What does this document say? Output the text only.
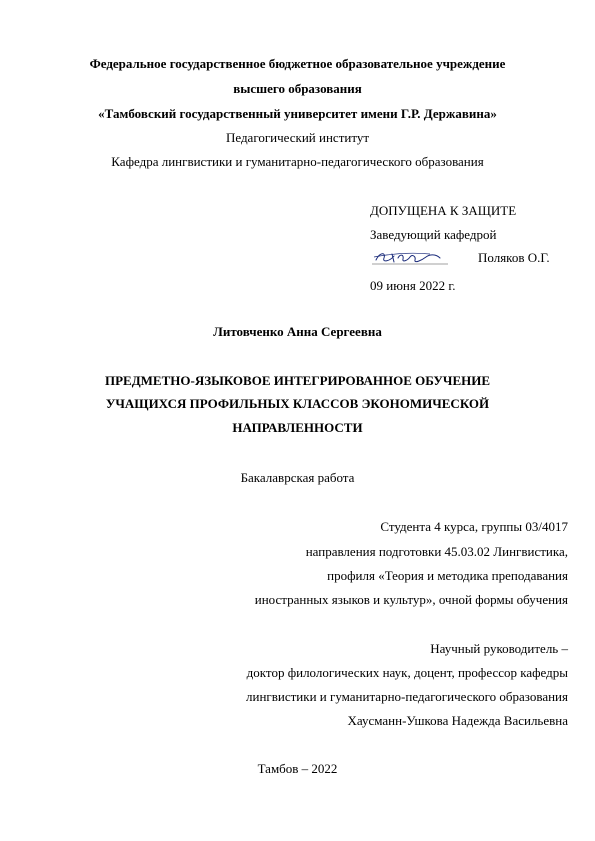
Федеральное государственное бюджетное образовательное учреждение
высшего образования
«Тамбовский государственный университет имени Г.Р. Державина»
Педагогический институт
Кафедра лингвистики и гуманитарно-педагогического образования
ДОПУЩЕНА К ЗАЩИТЕ
Заведующий кафедрой
09 июня 2022 г.
Поляков О.Г.
Литовченко Анна Сергеевна
ПРЕДМЕТНО-ЯЗЫКОВОЕ ИНТЕГРИРОВАННОЕ ОБУЧЕНИЕ
УЧАЩИХСЯ ПРОФИЛЬНЫХ КЛАССОВ ЭКОНОМИЧЕСКОЙ
НАПРАВЛЕННОСТИ
Бакалаврская работа
Студента 4 курса, группы 03/4017
направления подготовки 45.03.02 Лингвистика,
профиля «Теория и методика преподавания
иностранных языков и культур», очной формы обучения
Научный руководитель –
доктор филологических наук, доцент, профессор кафедры
лингвистики и гуманитарно-педагогического образования
Хаусманн-Ушкова Надежда Васильевна
Тамбов – 2022
